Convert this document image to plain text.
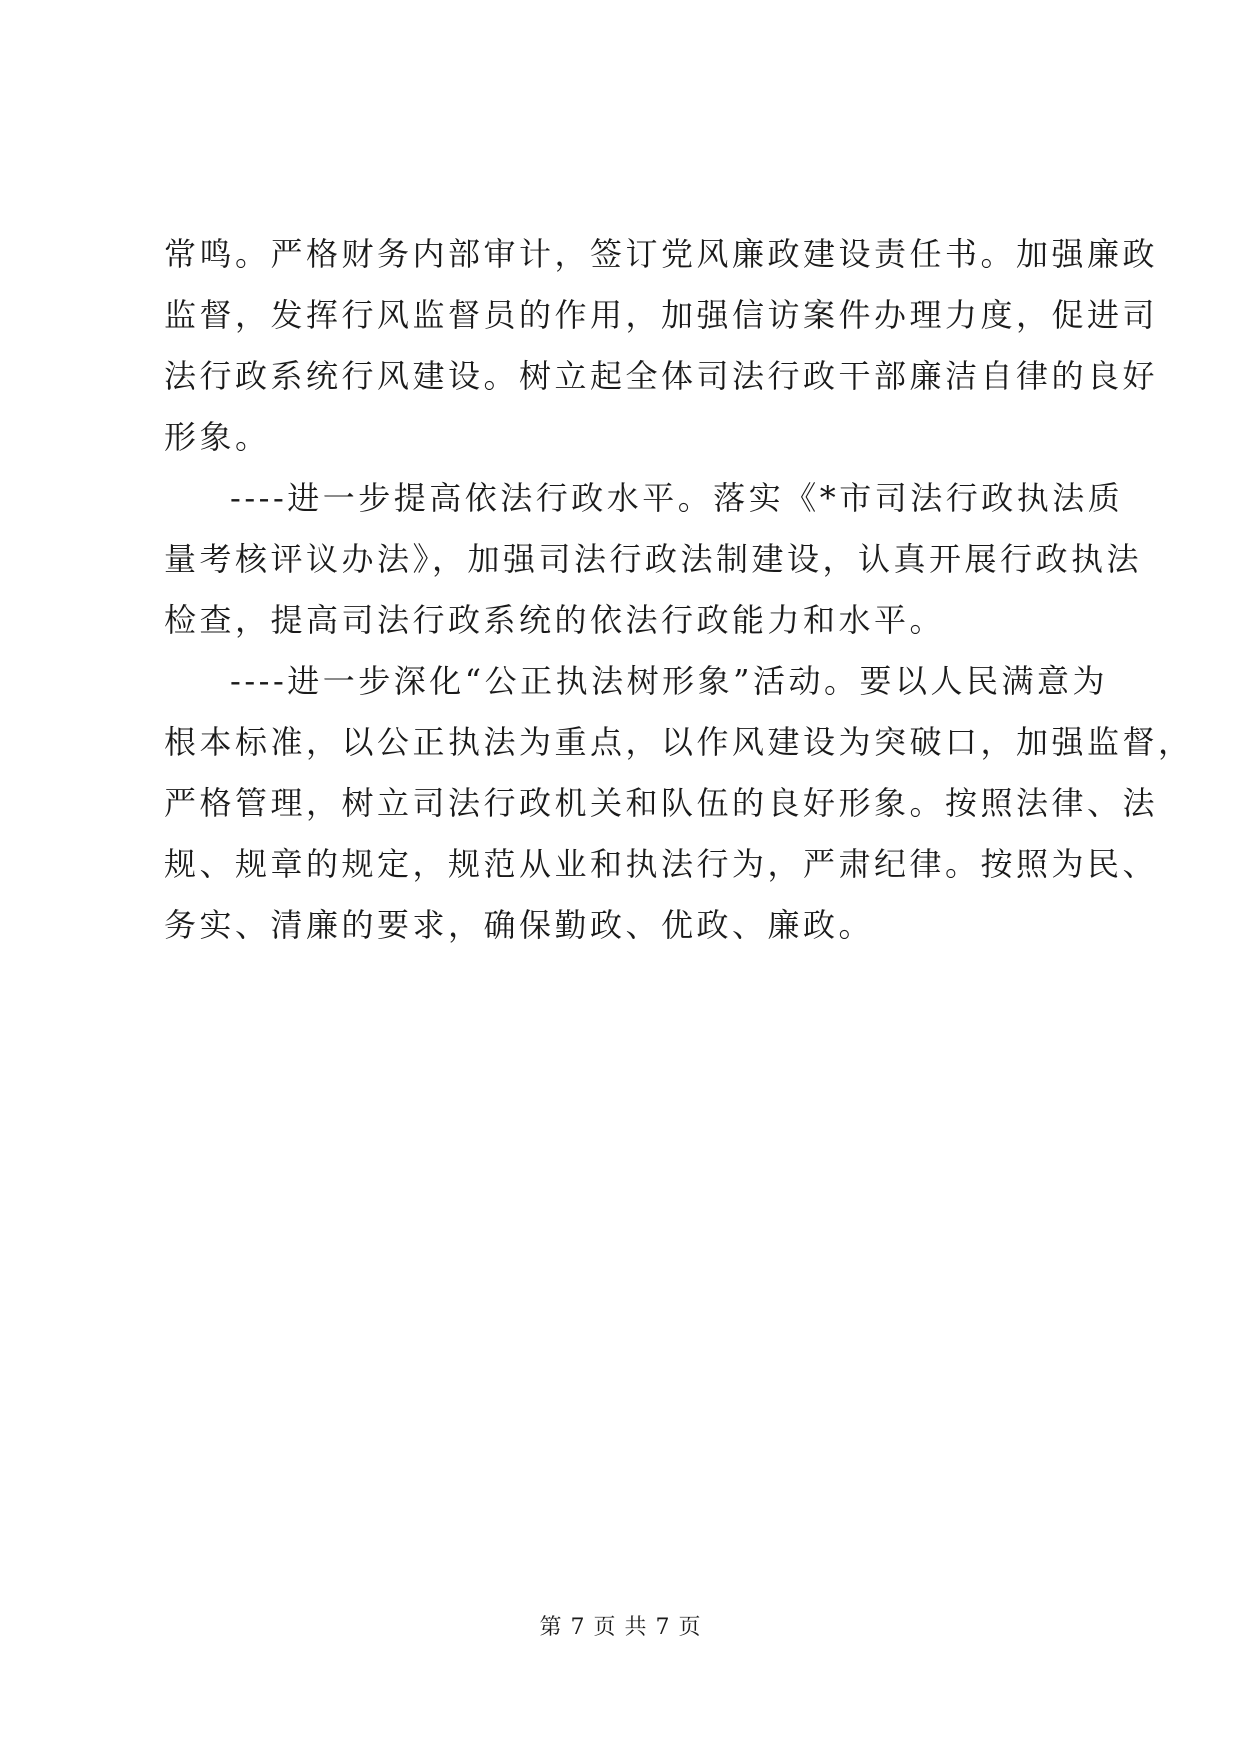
常鸣。严格财务内部审计，签订党风廉政建设责任书。加强廉政
监督，发挥行风监督员的作用，加强信访案件办理力度，促进司
法行政系统行风建设。树立起全体司法行政干部廉洁自律的良好
形象。
----进一步提高依法行政水平。落实《*市司法行政执法质
量考核评议办法》，加强司法行政法制建设，认真开展行政执法
检查，提高司法行政系统的依法行政能力和水平。
----进一步深化“公正执法树形象”活动。要以人民满意为
根本标准，以公正执法为重点，以作风建设为突破口，加强监督，
严格管理，树立司法行政机关和队伍的良好形象。按照法律、法
规、规章的规定，规范从业和执法行为，严肃纪律。按照为民、
务实、清廉的要求，确保勤政、优政、廉政。
第 7 页 共 7 页
